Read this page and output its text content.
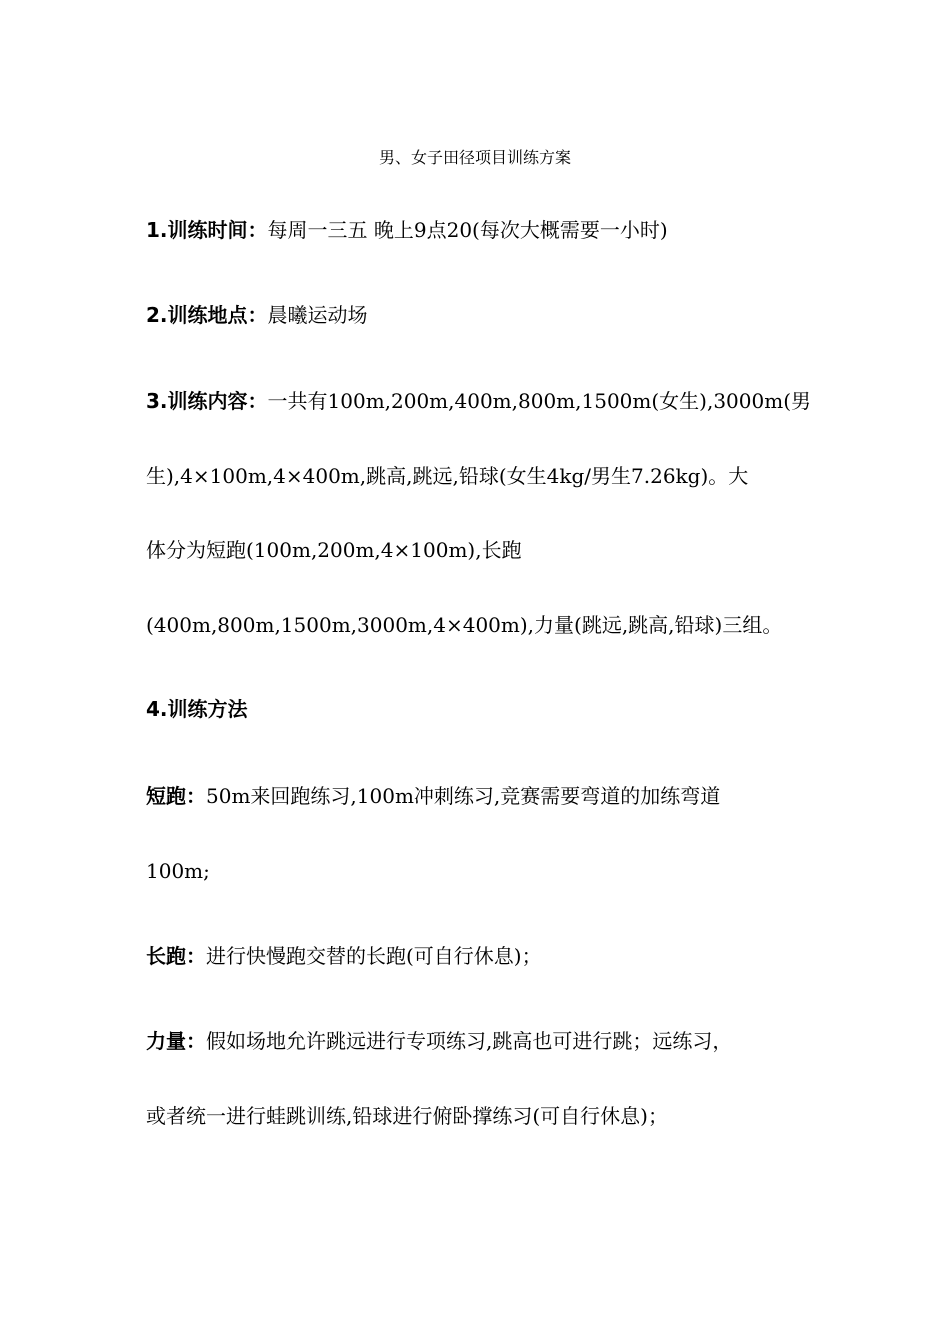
男、女子田径项目训练方案
1.训练时间：每周一三五 晚上9点20(每次大概需要一小时)
2.训练地点：晨曦运动场
3.训练内容：一共有100m,200m,400m,800m,1500m(女生),3000m(男
生),4×100m,4×400m,跳高,跳远,铅球(女生4kg/男生7.26kg)。大
体分为短跑(100m,200m,4×100m),长跑
(400m,800m,1500m,3000m,4×400m),力量(跳远,跳高,铅球)三组。
4.训练方法
短跑：50m来回跑练习,100m冲刺练习,竞赛需要弯道的加练弯道
100m;
长跑：进行快慢跑交替的长跑(可自行休息)；
力量：假如场地允许跳远进行专项练习,跳高也可进行跳；远练习，
或者统一进行蛙跳训练,铅球进行俯卧撑练习(可自行休息)；
